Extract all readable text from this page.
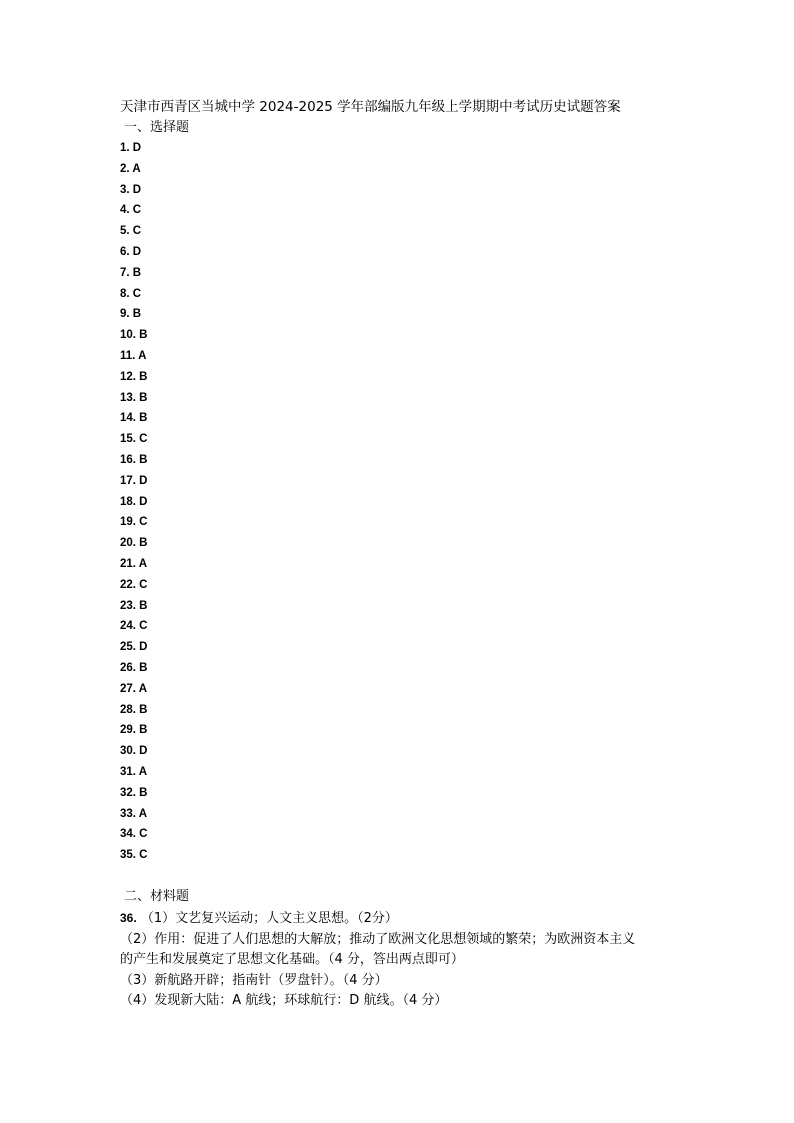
天津市西青区当城中学 2024-2025 学年部编版九年级上学期期中考试历史试题答案
一、选择题
1. D
2. A
3. D
4. C
5. C
6. D
7. B
8. C
9. B
10. B
11. A
12. B
13. B
14. B
15. C
16. B
17. D
18. D
19. C
20. B
21. A
22. C
23. B
24. C
25. D
26. B
27. A
28. B
29. B
30. D
31. A
32. B
33. A
34. C
35. C
二、材料题
36. （1）文艺复兴运动；人文主义思想。（2分）
（2）作用：促进了人们思想的大解放；推动了欧洲文化思想领域的繁荣；为欧洲资本主义
的产生和发展奠定了思想文化基础。（4 分，答出两点即可）
（3）新航路开辟；指南针（罗盘针）。（4 分）
（4）发现新大陆：A 航线；环球航行：D 航线。（4 分）
